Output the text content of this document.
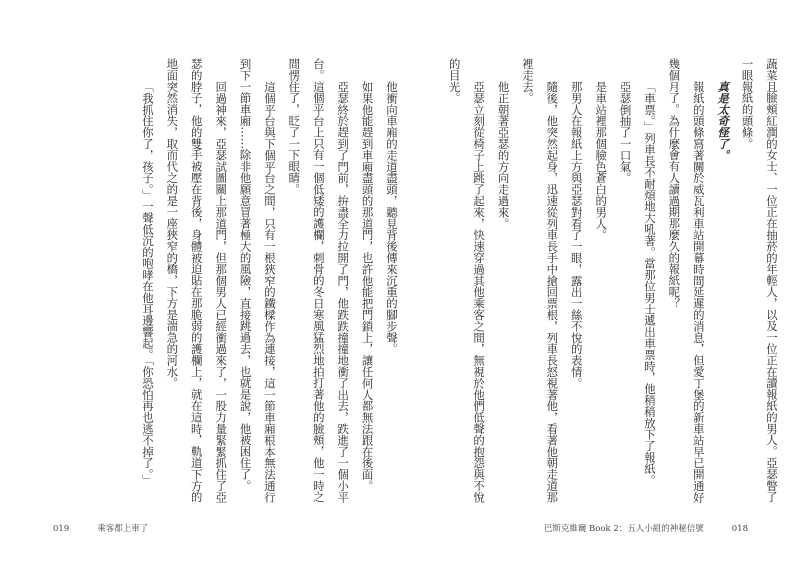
他衝向車廂的走道盡頭，聽見背後傳來沉重的腳步聲。
如果他能趕到車廂盡頭的那道門，也許他能把門鎖上，讓任何人都無法跟在後面。
亞瑟終於趕到了門前，拚盡全力拉開了門，他跌跌撞撞地衝了出去，跌進了一個小平
台。這個平台上只有一個低矮的護欄，刺骨的冬日寒風猛烈地拍打著他的臉頰，他一時之
間愣住了，眨了一下眼睛。
這個平台與下個平台之間，只有一根狹窄的鐵樑作為連接，這一節車廂根本無法通行
到下一節車廂……除非他願意冒著極大的風險，直接跳過去，也就是說，他被困住了。
回過神來，亞瑟試圖關上那道門，但那個男人已經衝過來了，一股力量緊緊抓住了亞
瑟的脖子，他的雙手被壓在背後，身體被迫貼在那脆弱的護欄上，就在這時，軌道下方的
地面突然消失，取而代之的是一座狹窄的橋，下方是湍急的河水。
「我抓住你了，孩子。」一聲低沉的咆哮在他耳邊響起。「你恐怕再也逃不掉了。」	蔬菜且臉頰紅潤的女士、一位正在抽菸的年輕人，以及一位正在讀報紙的男人。亞瑟瞥了
一眼報紙的頭條。
真是太奇怪了。
報紙的頭條寫著關於威瓦利車站開幕時間延遲的消息，但愛丁堡的新車站早已開通好
幾個月了。為什麼會有人讀過期那麼久的報紙呢？
「車票。」列車長不耐煩地大吼著。當那位男士遞出車票時，他稍稍放下了報紙。
亞瑟倒抽了一口氣。
是車站裡那個臉色蒼白的男人。
那男人在報紙上方與亞瑟對看了一眼，露出一絲不悅的表情。
隨後，他突然起身，迅速從列車長手中搶回票根，列車長怒視著他，看著他朝走道那
裡走去。
他正朝著亞瑟的方向走過來。
亞瑟立刻從椅子上跳了起來，快速穿過其他乘客之間，無視於他們低聲的抱怨與不悅
的目光。
019	乘客都上車了	巴斯克維爾 Book 2：五人小組的神秘信號	018
